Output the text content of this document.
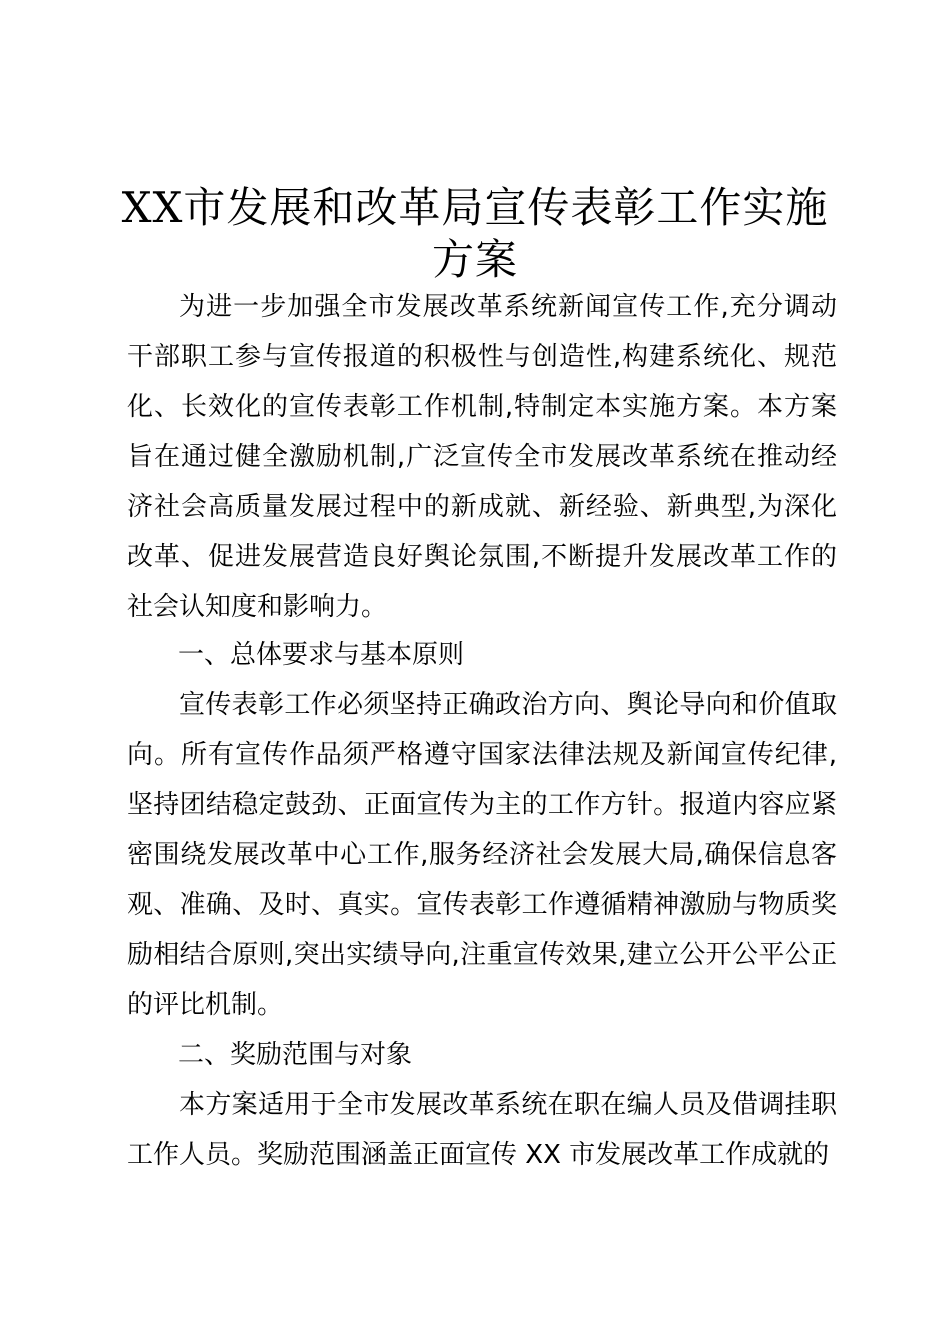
XX市发展和改革局宣传表彰工作实施
方案
为进一步加强全市发展改革系统新闻宣传工作,充分调动干部职工参与宣传报道的积极性与创造性,构建系统化、规范化、长效化的宣传表彰工作机制,特制定本实施方案。本方案旨在通过健全激励机制,广泛宣传全市发展改革系统在推动经济社会高质量发展过程中的新成就、新经验、新典型,为深化改革、促进发展营造良好舆论氛围,不断提升发展改革工作的社会认知度和影响力。
一、总体要求与基本原则
宣传表彰工作必须坚持正确政治方向、舆论导向和价值取向。所有宣传作品须严格遵守国家法律法规及新闻宣传纪律,坚持团结稳定鼓劲、正面宣传为主的工作方针。报道内容应紧密围绕发展改革中心工作,服务经济社会发展大局,确保信息客观、准确、及时、真实。宣传表彰工作遵循精神激励与物质奖励相结合原则,突出实绩导向,注重宣传效果,建立公开公平公正的评比机制。
二、奖励范围与对象
本方案适用于全市发展改革系统在职在编人员及借调挂职工作人员。奖励范围涵盖正面宣传 XX 市发展改革工作成就的
